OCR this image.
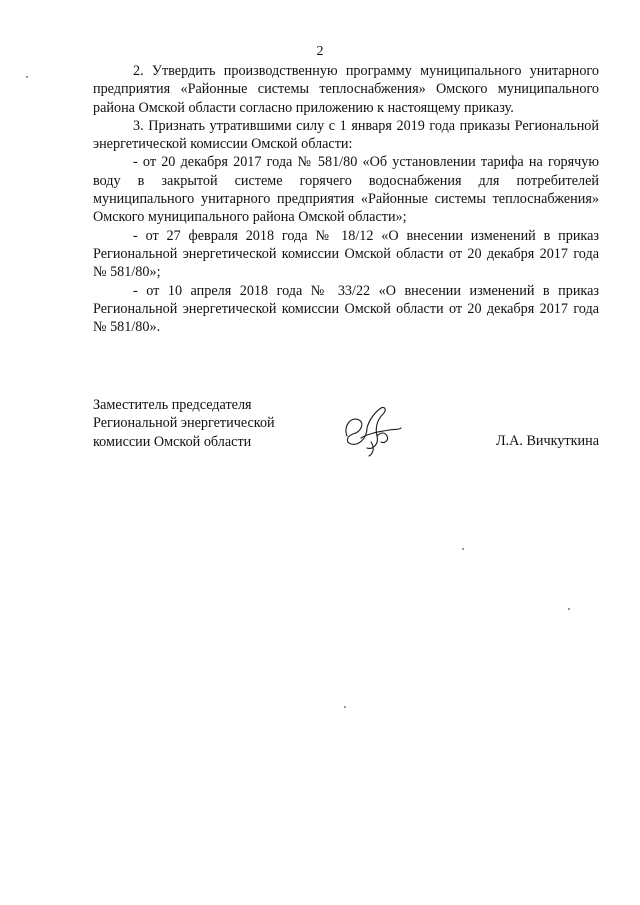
2

2. Утвердить производственную программу муниципального унитарного предприятия «Районные системы теплоснабжения» Омского муниципального района Омской области согласно приложению к настоящему приказу.

3. Признать утратившими силу с 1 января 2019 года приказы Региональной энергетической комиссии Омской области:

- от 20 декабря 2017 года № 581/80 «Об установлении тарифа на горячую воду в закрытой системе горячего водоснабжения для потребителей муниципального унитарного предприятия «Районные системы теплоснабжения» Омского муниципального района Омской области»;

- от 27 февраля 2018 года № 18/12 «О внесении изменений в приказ Региональной энергетической комиссии Омской области от 20 декабря 2017 года № 581/80»;

- от 10 апреля 2018 года № 33/22 «О внесении изменений в приказ Региональной энергетической комиссии Омской области от 20 декабря 2017 года № 581/80».

Заместитель председателя
Региональной энергетической
комиссии Омской области	Л.А. Вичкуткина
